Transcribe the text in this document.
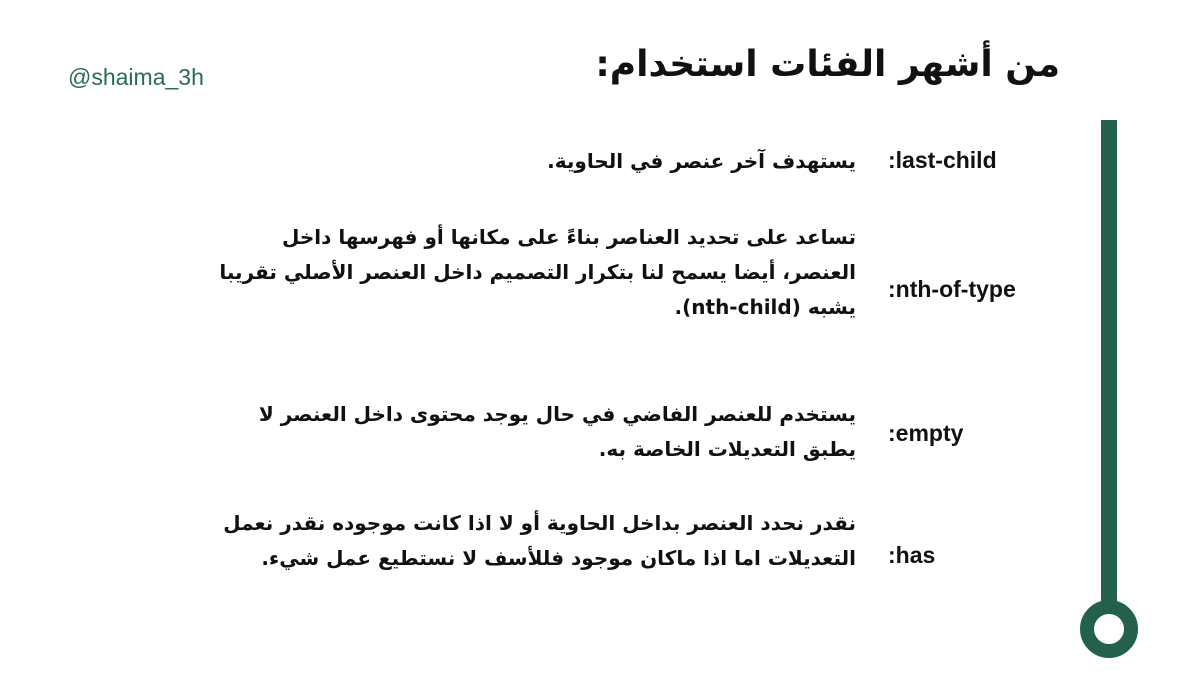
@shaima_3h	من أشهر الفئات استخدام:
:last-child
يستهدف آخر عنصر في الحاوية.
:nth-of-type
تساعد على تحديد العناصر بناءً على مكانها أو فهرسها داخل العنصر، أيضا يسمح لنا بتكرار التصميم داخل العنصر الأصلي تقريبا يشبه (nth-child).
:empty
يستخدم للعنصر الفاضي في حال يوجد محتوى داخل العنصر لا يطبق التعديلات الخاصة به.
:has
نقدر نحدد العنصر بداخل الحاوية أو لا اذا كانت موجوده نقدر نعمل التعديلات اما اذا ماكان موجود فللأسف لا نستطيع عمل شيء.
